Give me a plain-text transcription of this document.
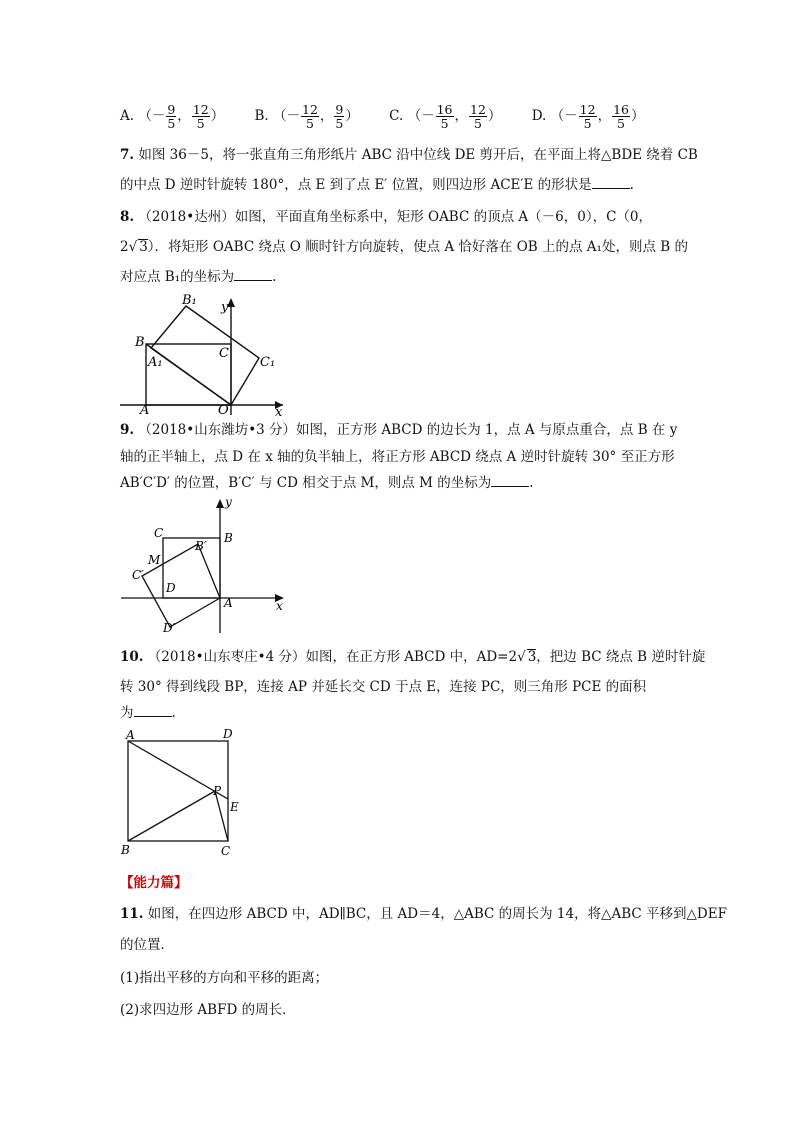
A. （－ $\frac{9}{5}$ ， $\frac{12}{5}$ ） B. （－ $\frac{12}{5}$ ， $\frac{9}{5}$ ） C. （－ $\frac{16}{5}$ ， $\frac{12}{5}$ ） D. （－ $\frac{12}{5}$ ， $\frac{16}{5}$ ）
7. 如图 36－5，将一张直角三角形纸片 ABC 沿中位线 DE 剪开后，在平面上将△BDE 绕着 CB
的中点 D 逆时针旋转 180°，点 E 到了点 E′ 位置，则四边形 ACE′E 的形状是	.
8. （2018•达州）如图，平面直角坐标系中，矩形 OABC 的顶点 A（－6，0），C（0，
2√ 3）．将矩形 OABC 绕点 O 顺时针方向旋转，使点 A 恰好落在 OB 上的点 A₁处，则点 B 的
对应点 B₁的坐标为	.
B₁ y
B
C
A₁	C₁
A	O	x
9. （2018•山东潍坊•3 分）如图，正方形 ABCD 的边长为 1，点 A 与原点重合，点 B 在 y
轴的正半轴上，点 D 在 x 轴的负半轴上，将正方形 ABCD 绕点 A 逆时针旋转 30° 至正方形
AB′C′D′ 的位置，B′C′ 与 CD 相交于点 M，则点 M 的坐标为	.
y
C	B
B′
M
C′
D
A	x
D′
10. （2018•山东枣庄•4 分）如图，在正方形 ABCD 中，AD=2√ 3，把边 BC 绕点 B 逆时针旋
转 30° 得到线段 BP，连接 AP 并延长交 CD 于点 E，连接 PC，则三角形 PCE 的面积
为	.
A	D
P
E
B	C
【能力篇】
11. 如图，在四边形 ABCD 中，AD∥BC，且 AD＝4，△ABC 的周长为 14，将△ABC 平移到△DEF
的位置．
(1)指出平移的方向和平移的距离；
(2)求四边形 ABFD 的周长．
